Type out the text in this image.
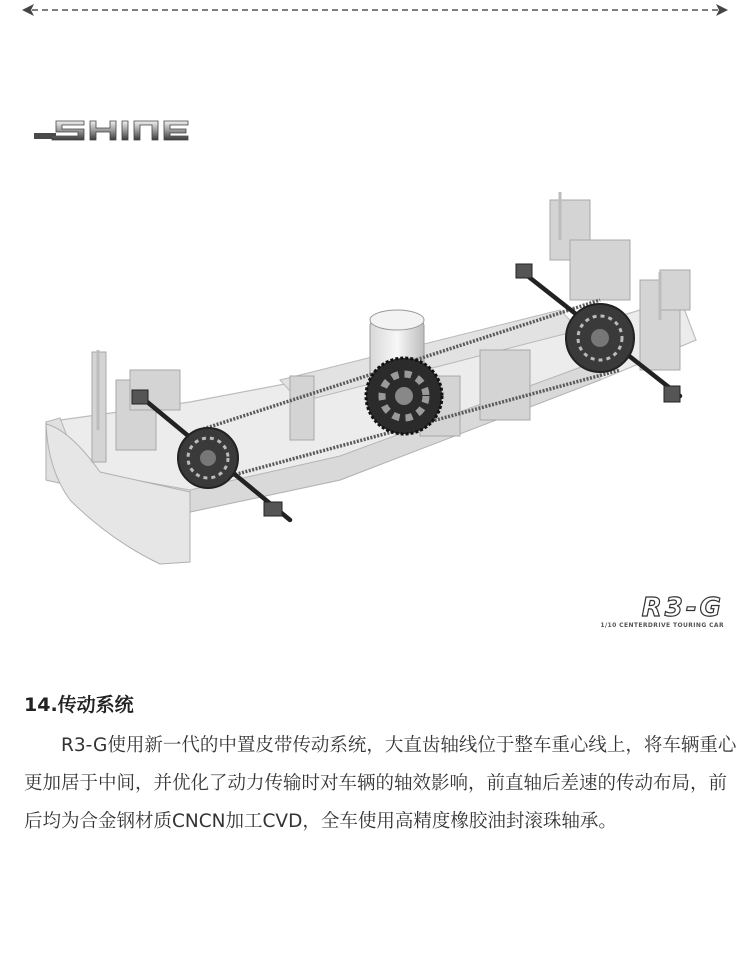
R3-G
1/10 CENTERDRIVE TOURING CAR
14.传动系统
R3-G使用新一代的中置皮带传动系统，大直齿轴线位于整车重心线上，将车辆重心更加居于中间，并优化了动力传输时对车辆的轴效影响，前直轴后差速的传动布局，前后均为合金钢材质CNCN加工CVD，全车使用高精度橡胶油封滚珠轴承。
